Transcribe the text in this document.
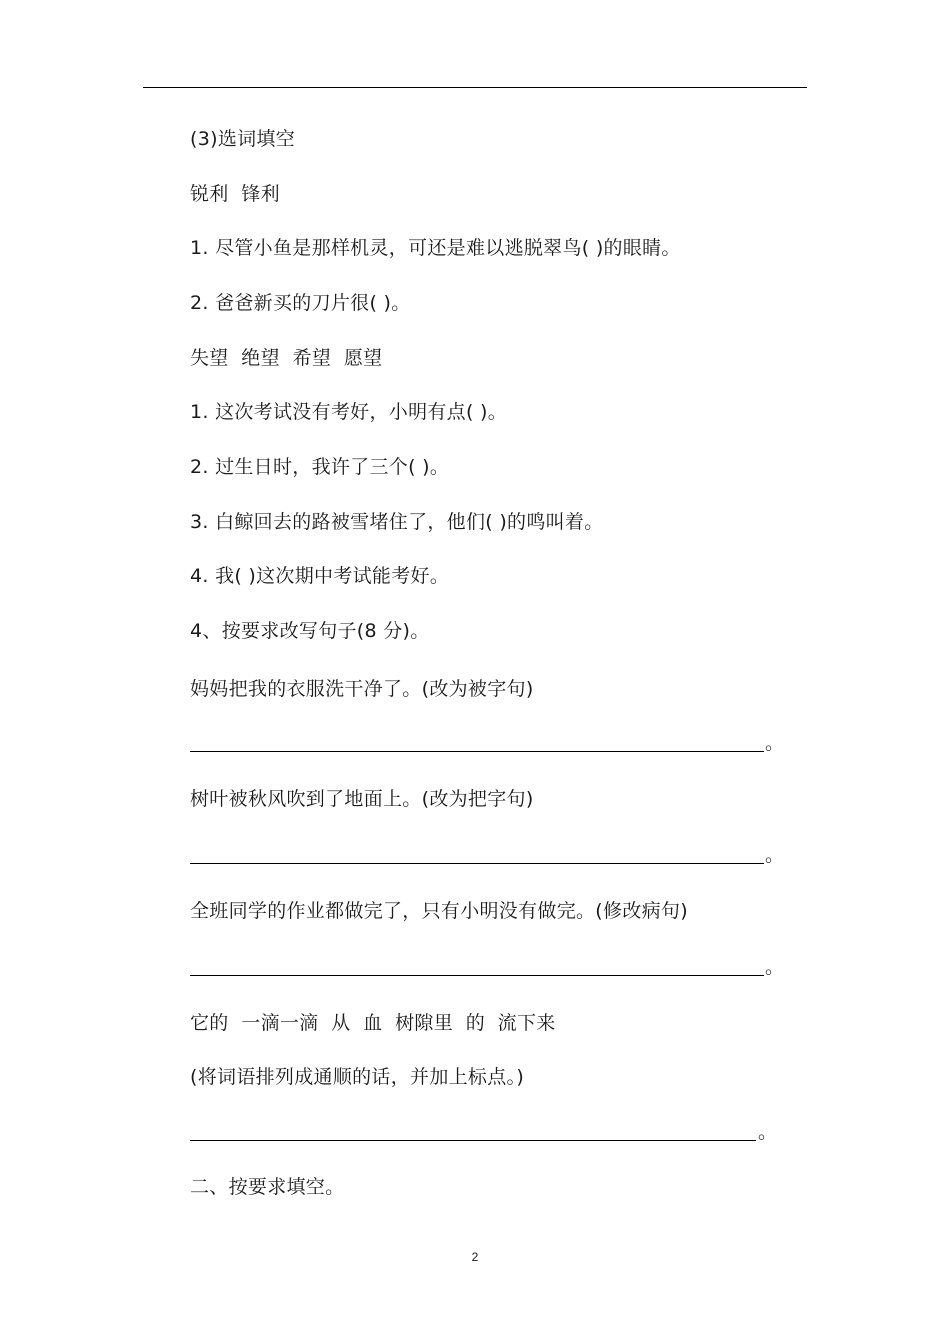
(3)选词填空
锐利  锋利
1. 尽管小鱼是那样机灵，可还是难以逃脱翠鸟( )的眼睛。
2. 爸爸新买的刀片很( )。
失望  绝望  希望  愿望
1. 这次考试没有考好，小明有点( )。
2. 过生日时，我许了三个( )。
3. 白鲸回去的路被雪堵住了，他们( )的鸣叫着。
4. 我( )这次期中考试能考好。
4、按要求改写句子(8 分)。
妈妈把我的衣服洗干净了。(改为被字句)
。
树叶被秋风吹到了地面上。(改为把字句)
。
全班同学的作业都做完了，只有小明没有做完。(修改病句)
。
它的  一滴一滴  从  血  树隙里  的  流下来
(将词语排列成通顺的话，并加上标点。)
。
二、按要求填空。
2
